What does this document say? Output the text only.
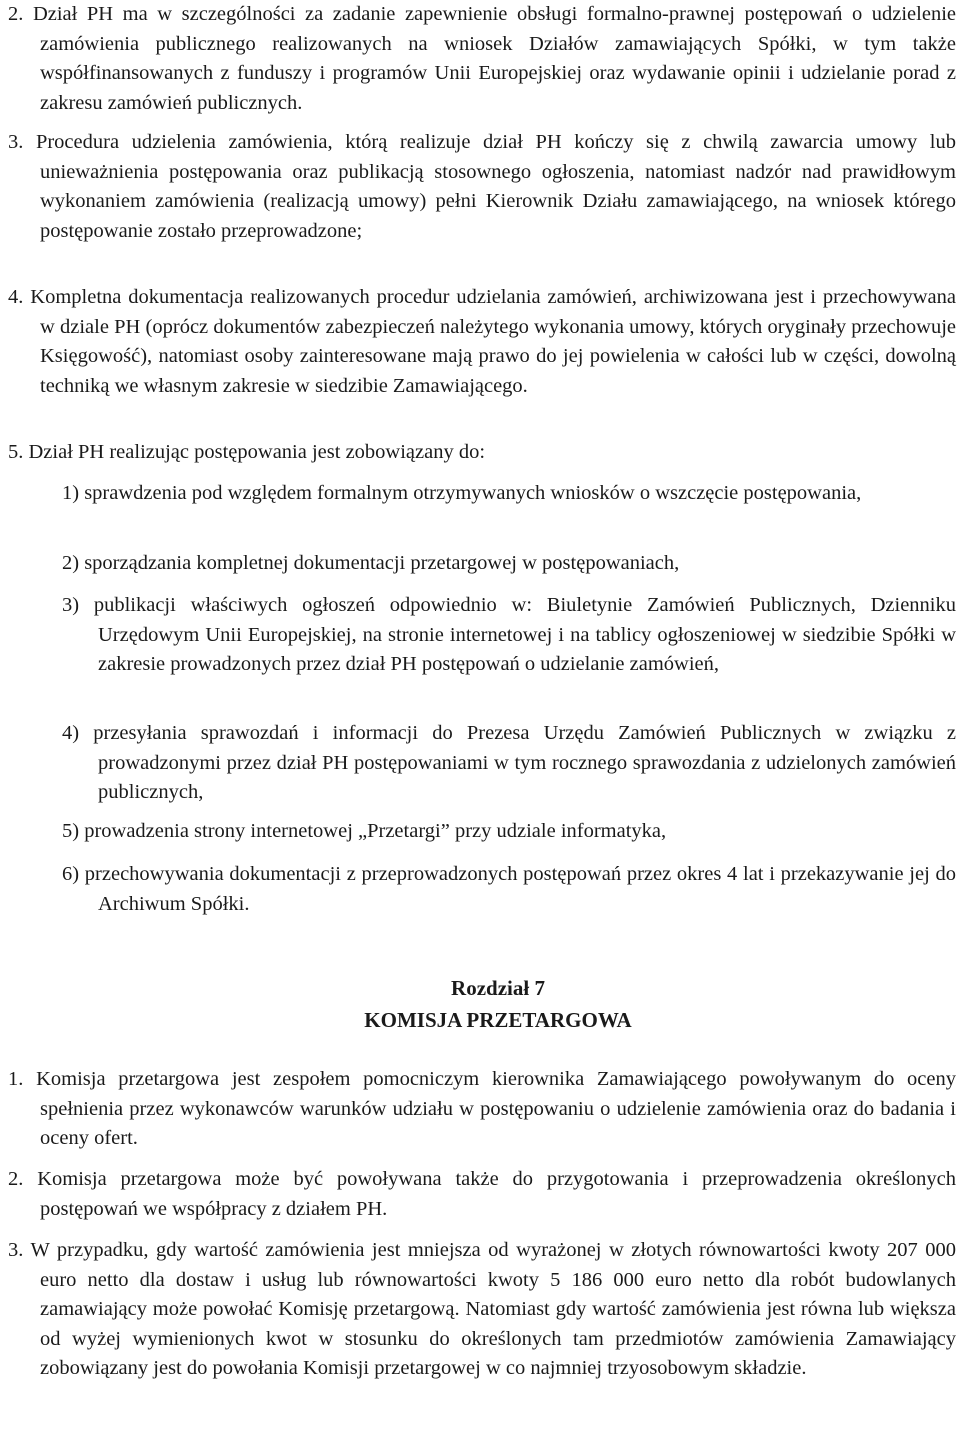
2. Dział PH ma w szczególności za zadanie zapewnienie obsługi formalno-prawnej postępowań o udzielenie zamówienia publicznego realizowanych na wniosek Działów zamawiających Spółki, w tym także współfinansowanych z funduszy i programów Unii Europejskiej oraz wydawanie opinii i udzielanie porad z zakresu zamówień publicznych.

3. Procedura udzielenia zamówienia, którą realizuje dział PH kończy się z chwilą zawarcia umowy lub unieważnienia postępowania oraz publikacją stosownego ogłoszenia, natomiast nadzór nad prawidłowym wykonaniem zamówienia (realizacją umowy) pełni Kierownik Działu zamawiającego, na wniosek którego postępowanie zostało przeprowadzone;

4. Kompletna dokumentacja realizowanych procedur udzielania zamówień, archiwizowana jest i przechowywana w dziale PH (oprócz dokumentów zabezpieczeń należytego wykonania umowy, których oryginały przechowuje Księgowość), natomiast osoby zainteresowane mają prawo do jej powielenia w całości lub w części, dowolną techniką we własnym zakresie w siedzibie Zamawiającego.

5. Dział PH realizując postępowania jest zobowiązany do:

1) sprawdzenia pod względem formalnym otrzymywanych wniosków o wszczęcie postępowania,
2) sporządzania kompletnej dokumentacji przetargowej w postępowaniach,
3) publikacji właściwych ogłoszeń odpowiednio w: Biuletynie Zamówień Publicznych, Dzienniku Urzędowym Unii Europejskiej, na stronie internetowej i na tablicy ogłoszeniowej w siedzibie Spółki w zakresie prowadzonych przez dział PH postępowań o udzielanie zamówień,
4) przesyłania sprawozdań i informacji do Prezesa Urzędu Zamówień Publicznych w związku z prowadzonymi przez dział PH postępowaniami w tym rocznego sprawozdania z udzielonych zamówień publicznych,
5) prowadzenia strony internetowej „Przetargi” przy udziale informatyka,
6) przechowywania dokumentacji z przeprowadzonych postępowań przez okres 4 lat i przekazywanie jej do Archiwum Spółki.
Rozdział 7
KOMISJA PRZETARGOWA

1. Komisja przetargowa jest zespołem pomocniczym kierownika Zamawiającego powoływanym do oceny spełnienia przez wykonawców warunków udziału w postępowaniu o udzielenie zamówienia oraz do badania i oceny ofert.

2. Komisja przetargowa może być powoływana także do przygotowania i przeprowadzenia określonych postępowań we współpracy z działem PH.

3. W przypadku, gdy wartość zamówienia jest mniejsza od wyrażonej w złotych równowartości kwoty 207 000 euro netto dla dostaw i usług lub równowartości kwoty 5 186 000 euro netto dla robót budowlanych zamawiający może powołać Komisję przetargową. Natomiast gdy wartość zamówienia jest równa lub większa od wyżej wymienionych kwot w stosunku do określonych tam przedmiotów zamówienia Zamawiający zobowiązany jest do powołania Komisji przetargowej w co najmniej trzyosobowym składzie.
